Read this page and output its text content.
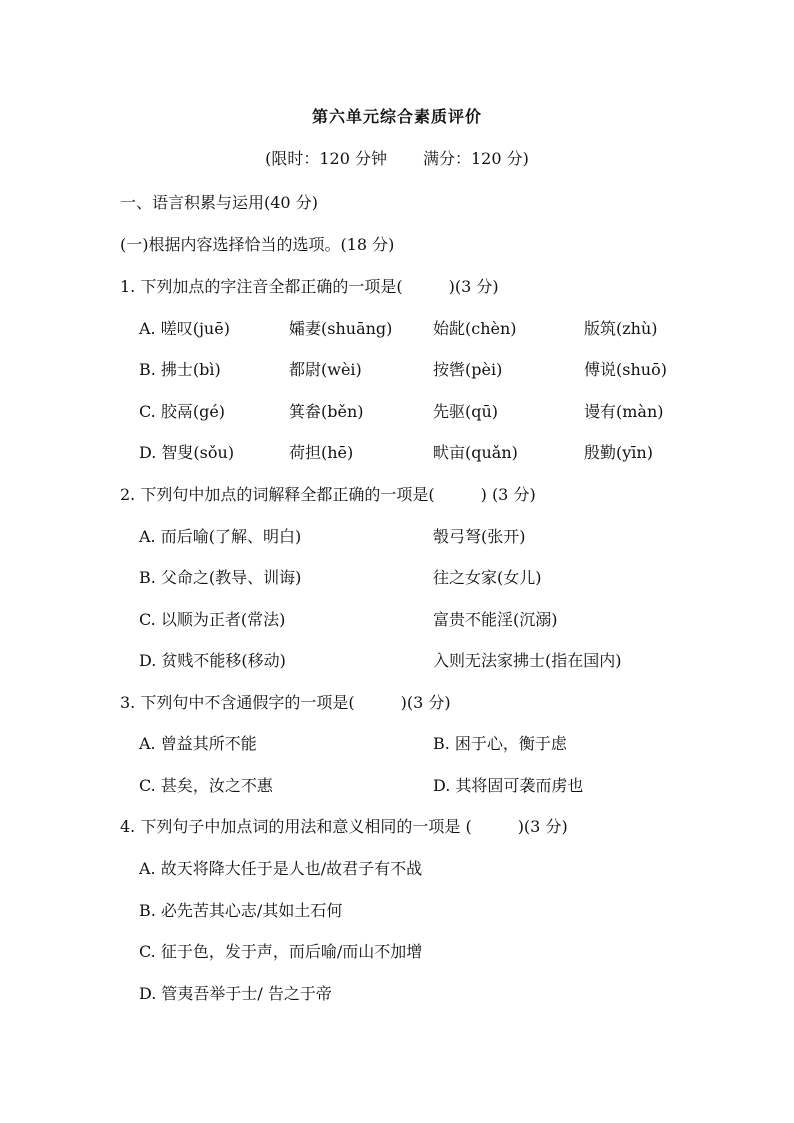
第六单元综合素质评价
(限时：120 分钟 满分：120 分)
一、语言积累与运用(40 分)
(一)根据内容选择恰当的选项。(18 分)
1. 下列加点的字注音全都正确的一项是(	)(3 分)
A. 嗟叹(juē)	孀妻(shuāng)	始龀(chèn)	版筑(zhù)
B. 拂士(bì)	都尉(wèi)	按辔(pèi)	傅说(shuō)
C. 胶鬲(gé)	箕畚(běn)	先驱(qū)	谩有(màn)
D. 智叟(sǒu)	荷担(hē)	畎亩(quǎn)	殷勤(yīn)
2. 下列句中加点的词解释全都正确的一项是(	) (3 分)
A. 而后喻(了解、明白)	彀弓弩(张开)
B. 父命之(教导、训诲)	往之女家(女儿)
C. 以顺为正者(常法)	富贵不能淫(沉溺)
D. 贫贱不能移(移动)	入则无法家拂士(指在国内)
3. 下列句中不含通假字的一项是(	)(3 分)
A. 曾益其所不能	B. 困于心，衡于虑
C. 甚矣，汝之不惠	D. 其将固可袭而虏也
4. 下列句子中加点词的用法和意义相同的一项是 (	)(3 分)
A. 故天将降大任于是人也/故君子有不战
B. 必先苦其心志/其如土石何
C. 征于色，发于声，而后喻/而山不加增
D. 管夷吾举于士/ 告之于帝
